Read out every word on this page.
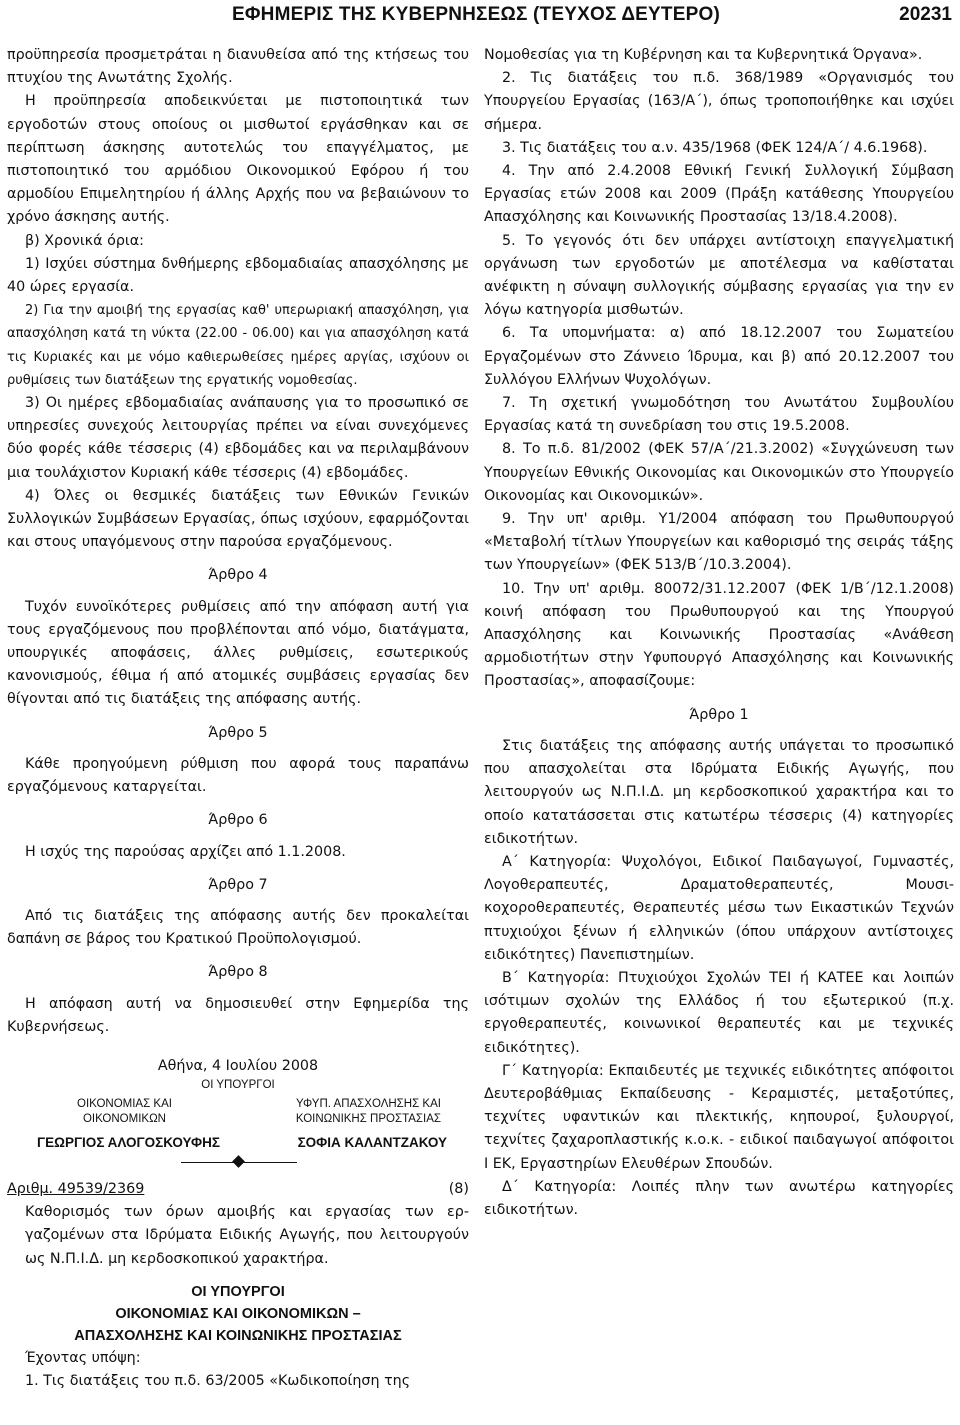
ΕΦΗΜΕΡΙΣ ΤΗΣ ΚΥΒΕΡΝΗΣΕΩΣ (ΤΕΥΧΟΣ ΔΕΥΤΕΡΟ)	20231

προϋπηρεσία προσμετράται η διανυθείσα από της κτήσεως του πτυχίου της Ανωτάτης Σχολής.

Η προϋπηρεσία αποδεικνύεται με πιστοποιητικά των εργοδοτών στους οποίους οι μισθωτοί εργάσθηκαν και σε περίπτωση άσκησης αυτοτελώς του επαγγέλματος, με πιστοποιητικό του αρμόδιου Οικονομικού Εφόρου ή του αρμοδίου Επιμελητηρίου ή άλλης Αρχής που να βεβαιώνουν το χρόνο άσκησης αυτής.

β) Χρονικά όρια:

1) Ισχύει σύστημα δνθήμερης εβδομαδιαίας απασχόλησης με 40 ώρες εργασία.

2) Για την αμοιβή της εργασίας καθ' υπερωριακή απασχόληση, για απασχόληση κατά τη νύκτα (22.00 - 06.00) και για απασχόληση κατά τις Κυριακές και με νόμο καθιερωθείσες ημέρες αργίας, ισχύουν οι ρυθμίσεις των διατάξεων της εργατικής νομοθεσίας.

3) Οι ημέρες εβδομαδιαίας ανάπαυσης για το προσωπικό σε υπηρεσίες συνεχούς λειτουργίας πρέπει να είναι συνεχόμενες δύο φορές κάθε τέσσερις (4) εβδομάδες και να περιλαμβάνουν μια τουλάχιστον Κυριακή κάθε τέσσερις (4) εβδομάδες.

4) Όλες οι θεσμικές διατάξεις των Εθνικών Γενικών Συλλογικών Συμβάσεων Εργασίας, όπως ισχύουν, εφαρμόζονται και στους υπαγόμενους στην παρούσα εργαζόμενους.

Άρθρο 4

Τυχόν ευνοϊκότερες ρυθμίσεις από την απόφαση αυτή για τους εργαζόμενους που προβλέπονται από νόμο, διατάγματα, υπουργικές αποφάσεις, άλλες ρυθμίσεις, εσωτερικούς κανονισμούς, έθιμα ή από ατομικές συμβάσεις εργασίας δεν θίγονται από τις διατάξεις της απόφασης αυτής.

Άρθρο 5

Κάθε προηγούμενη ρύθμιση που αφορά τους παραπάνω εργαζόμενους καταργείται.

Άρθρο 6

Η ισχύς της παρούσας αρχίζει από 1.1.2008.

Άρθρο 7

Από τις διατάξεις της απόφασης αυτής δεν προκαλείται δαπάνη σε βάρος του Κρατικού Προϋπολογισμού.

Άρθρο 8

Η απόφαση αυτή να δημοσιευθεί στην Εφημερίδα της Κυβερνήσεως.

Αθήνα, 4 Ιουλίου 2008
ΟΙ ΥΠΟΥΡΓΟΙ
ΟΙΚΟΝΟΜΙΑΣ ΚΑΙ
ΟΙΚΟΝΟΜΙΚΩΝ
ΥΦΥΠ. ΑΠΑΣΧΟΛΗΣΗΣ ΚΑΙ
ΚΟΙΝΩΝΙΚΗΣ ΠΡΟΣΤΑΣΙΑΣ
ΓΕΩΡΓΙΟΣ ΑΛΟΓΟΣΚΟΥΦΗΣ	ΣΟΦΙΑ ΚΑΛΑΝΤΖΑΚΟΥ
Αριθμ. 49539/2369	(8)

Καθορισμός των όρων αμοιβής και εργασίας των εργαζομένων στα Ιδρύματα Ειδικής Αγωγής, που λειτουργούν ως Ν.Π.Ι.Δ. μη κερδοσκοπικού χαρακτήρα.

ΟΙ ΥΠΟΥΡΓΟΙ
ΟΙΚΟΝΟΜΙΑΣ ΚΑΙ ΟΙΚΟΝΟΜΙΚΩΝ –
ΑΠΑΣΧΟΛΗΣΗΣ ΚΑΙ ΚΟΙΝΩΝΙΚΗΣ ΠΡΟΣΤΑΣΙΑΣ

Έχοντας υπόψη:

1. Τις διατάξεις του π.δ. 63/2005 «Κωδικοποίηση της

Νομοθεσίας για τη Κυβέρνηση και τα Κυβερνητικά Όργανα».

2. Τις διατάξεις του π.δ. 368/1989 «Οργανισμός του Υπουργείου Εργασίας (163/Α΄), όπως τροποποιήθηκε και ισχύει σήμερα.

3. Τις διατάξεις του α.ν. 435/1968 (ΦΕΚ 124/Α΄/ 4.6.1968).

4. Την από 2.4.2008 Εθνική Γενική Συλλογική Σύμβαση Εργασίας ετών 2008 και 2009 (Πράξη κατάθεσης Υπουργείου Απασχόλησης και Κοινωνικής Προστασίας 13/18.4.2008).

5. Το γεγονός ότι δεν υπάρχει αντίστοιχη επαγγελματική οργάνωση των εργοδοτών με αποτέλεσμα να καθίσταται ανέφικτη η σύναψη συλλογικής σύμβασης εργασίας για την εν λόγω κατηγορία μισθωτών.

6. Τα υπομνήματα: α) από 18.12.2007 του Σωματείου Εργαζομένων στο Ζάννειο Ίδρυμα, και β) από 20.12.2007 του Συλλόγου Ελλήνων Ψυχολόγων.

7. Τη σχετική γνωμοδότηση του Ανωτάτου Συμβουλίου Εργασίας κατά τη συνεδρίαση του στις 19.5.2008.

8. Το π.δ. 81/2002 (ΦΕΚ 57/Α΄/21.3.2002) «Συγχώνευση των Υπουργείων Εθνικής Οικονομίας και Οικονομικών στο Υπουργείο Οικονομίας και Οικονομικών».

9. Την υπ' αριθμ. Υ1/2004 απόφαση του Πρωθυπουργού «Μεταβολή τίτλων Υπουργείων και καθορισμό της σειράς τάξης των Υπουργείων» (ΦΕΚ 513/Β΄/10.3.2004).

10. Την υπ' αριθμ. 80072/31.12.2007 (ΦΕΚ 1/Β΄/12.1.2008) κοινή απόφαση του Πρωθυπουργού και της Υπουργού Απασχόλησης και Κοινωνικής Προστασίας «Ανάθεση αρμοδιοτήτων στην Υφυπουργό Απασχόλησης και Κοινωνικής Προστασίας», αποφασίζουμε:

Άρθρο 1

Στις διατάξεις της απόφασης αυτής υπάγεται το προσωπικό που απασχολείται στα Ιδρύματα Ειδικής Αγωγής, που λειτουργούν ως Ν.Π.Ι.Δ. μη κερδοσκοπικού χαρακτήρα και το οποίο κατατάσσεται στις κατωτέρω τέσσερις (4) κατηγορίες ειδικοτήτων.

Α΄ Κατηγορία: Ψυχολόγοι, Ειδικοί Παιδαγωγοί, Γυμναστές, Λογοθεραπευτές, Δραματοθεραπευτές, Μουσικοχοροθεραπευτές, Θεραπευτές μέσω των Εικαστικών Τεχνών πτυχιούχοι ξένων ή ελληνικών (όπου υπάρχουν αντίστοιχες ειδικότητες) Πανεπιστημίων.

Β΄ Κατηγορία: Πτυχιούχοι Σχολών ΤΕΙ ή ΚΑΤΕΕ και λοιπών ισότιμων σχολών της Ελλάδος ή του εξωτερικού (π.χ. εργοθεραπευτές, κοινωνικοί θεραπευτές και με τεχνικές ειδικότητες).

Γ΄ Κατηγορία: Εκπαιδευτές με τεχνικές ειδικότητες απόφοιτοι Δευτεροβάθμιας Εκπαίδευσης - Κεραμιστές, μεταξοτύπες, τεχνίτες υφαντικών και πλεκτικής, κηπουροί, ξυλουργοί, τεχνίτες ζαχαροπλαστικής κ.ο.κ. - ειδικοί παιδαγωγοί απόφοιτοι Ι ΕΚ, Εργαστηρίων Ελευθέρων Σπουδών.

Δ΄ Κατηγορία: Λοιπές πλην των ανωτέρω κατηγορίες ειδικοτήτων.
